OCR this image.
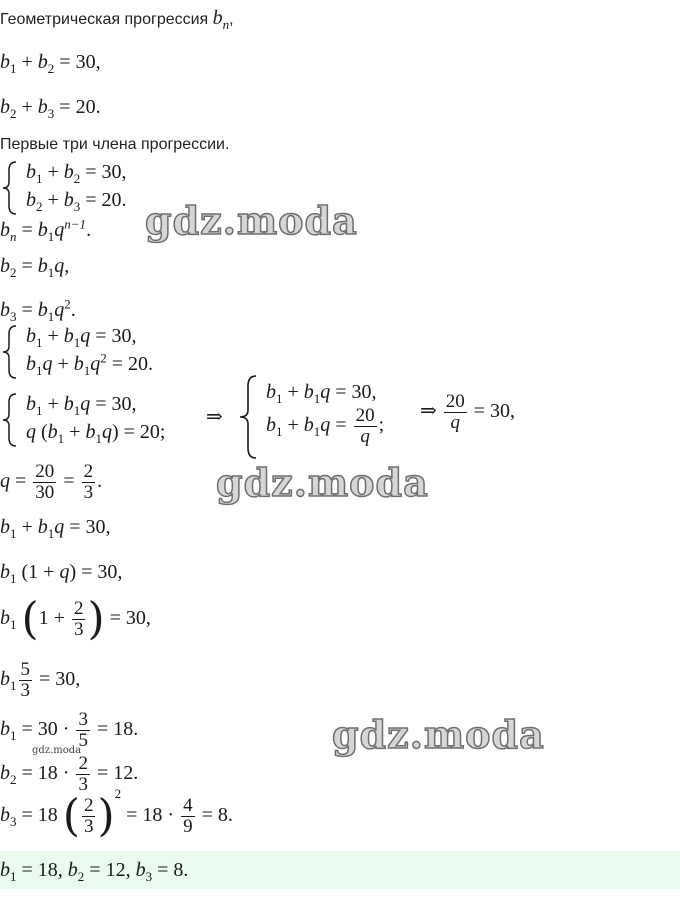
Геометрическая прогрессия $b_n$,
$b_1 + b_2 = 30$,
$b_2 + b_3 = 20$.
Первые три члена прогрессии.
$b_1 + b_2 = 30$,
$b_2 + b_3 = 20$. gdz.moda
$b_n = b_1q^{n-1}$.
$b_2 = b_1q$,
$b_3 = b_1q^2$.
$b_1 + b_1q = 30$,
$b_1q + b_1q^2 = 20$.
$b_1 + b_1q = 30$,
q $(b_1 + b_1q) = 20$;
⇒
$b_1 + b_1q = 30$,
$b_1 + b_1q = \frac{20}{q}$ ;
⇒ $\frac{20}{q} = 30$,
$q = \frac{20}{30} = \frac{2}{3}$ .	gdz.moda
$b_1 + b_1q = 30$,
$b_1$ (1 + q) = 30,
$b_1$ ($1 + \frac{2}{3}$ ) = 30,
$b_1 \frac{5}{3} = 30$,
$b_1 = 30 \cdot \frac{3}{5} = 18$.
gdz.moda	gdz.moda
$b_2 = 18 \cdot \frac{2}{3} = 12$.
$b_3 = 18$ ( $\frac{2}{3} )^2 = 18 \cdot \frac{4}{9} = 8$.
$b_1 = 18$, $b_2 = 12$, $b_3 = 8$.
